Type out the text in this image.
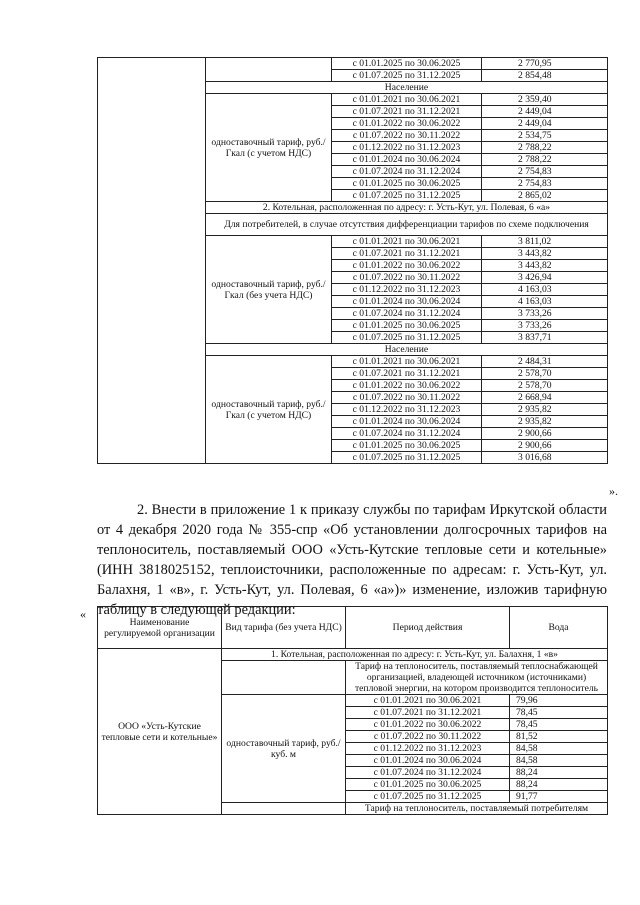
		с 01.01.2025 по 30.06.2025	2 770,95
		с 01.07.2025 по 31.12.2025	2 854,48
	Население		
	одноставочный тариф, руб./Гкал (с учетом НДС)	с 01.01.2021 по 30.06.2021	2 359,40
		с 01.07.2021 по 31.12.2021	2 449,04
		с 01.01.2022 по 30.06.2022	2 449,04
		с 01.07.2022 по 30.11.2022	2 534,75
		с 01.12.2022 по 31.12.2023	2 788,22
		с 01.01.2024 по 30.06.2024	2 788,22
		с 01.07.2024 по 31.12.2024	2 754,83
		с 01.01.2025 по 30.06.2025	2 754,83
		с 01.07.2025 по 31.12.2025	2 865,02
	2. Котельная, расположенная по адресу: г. Усть-Кут, ул. Полевая, 6 «а»		
	Для потребителей, в случае отсутствия дифференциации тарифов по схеме подключения		
	одноставочный тариф, руб./Гкал (без учета НДС)	с 01.01.2021 по 30.06.2021	3 811,02
		с 01.07.2021 по 31.12.2021	3 443,82
		с 01.01.2022 по 30.06.2022	3 443,82
		с 01.07.2022 по 30.11.2022	3 426,94
		с 01.12.2022 по 31.12.2023	4 163,03
		с 01.01.2024 по 30.06.2024	4 163,03
		с 01.07.2024 по 31.12.2024	3 733,26
		с 01.01.2025 по 30.06.2025	3 733,26
		с 01.07.2025 по 31.12.2025	3 837,71
	Население		
	одноставочный тариф, руб./Гкал (с учетом НДС)	с 01.01.2021 по 30.06.2021	2 484,31
		с 01.07.2021 по 31.12.2021	2 578,70
		с 01.01.2022 по 30.06.2022	2 578,70
		с 01.07.2022 по 30.11.2022	2 668,94
		с 01.12.2022 по 31.12.2023	2 935,82
		с 01.01.2024 по 30.06.2024	2 935,82
		с 01.07.2024 по 31.12.2024	2 900,66
		с 01.01.2025 по 30.06.2025	2 900,66
		с 01.07.2025 по 31.12.2025	3 016,68
».
2. Внести в приложение 1 к приказу службы по тарифам Иркутской области от 4 декабря 2020 года № 355-спр «Об установлении долгосрочных тарифов на теплоноситель, поставляемый ООО «Усть-Кутские тепловые сети и котельные» (ИНН 3818025152, теплоисточники, расположенные по адресам: г. Усть-Кут, ул. Балахня, 1 «в», г. Усть-Кут, ул. Полевая, 6 «а»)» изменение, изложив тарифную таблицу в следующей редакции:
«
Наименование регулируемой организации	Вид тарифа (без учета НДС)	Период действия	Вода
ООО «Усть-Кутские тепловые сети и котельные»	1. Котельная, расположенная по адресу: г. Усть-Кут, ул. Балахня, 1 «в»		
		Тариф на теплоноситель, поставляемый теплоснабжающей организацией, владеющей источником (источниками) тепловой энергии, на котором производится теплоноситель	
	одноставочный тариф, руб./куб. м	с 01.01.2021 по 30.06.2021	79,96
		с 01.07.2021 по 31.12.2021	78,45
		с 01.01.2022 по 30.06.2022	78,45
		с 01.07.2022 по 30.11.2022	81,52
		с 01.12.2022 по 31.12.2023	84,58
		с 01.01.2024 по 30.06.2024	84,58
		с 01.07.2024 по 31.12.2024	88,24
		с 01.01.2025 по 30.06.2025	88,24
		с 01.07.2025 по 31.12.2025	91,77
		Тариф на теплоноситель, поставляемый потребителям	
